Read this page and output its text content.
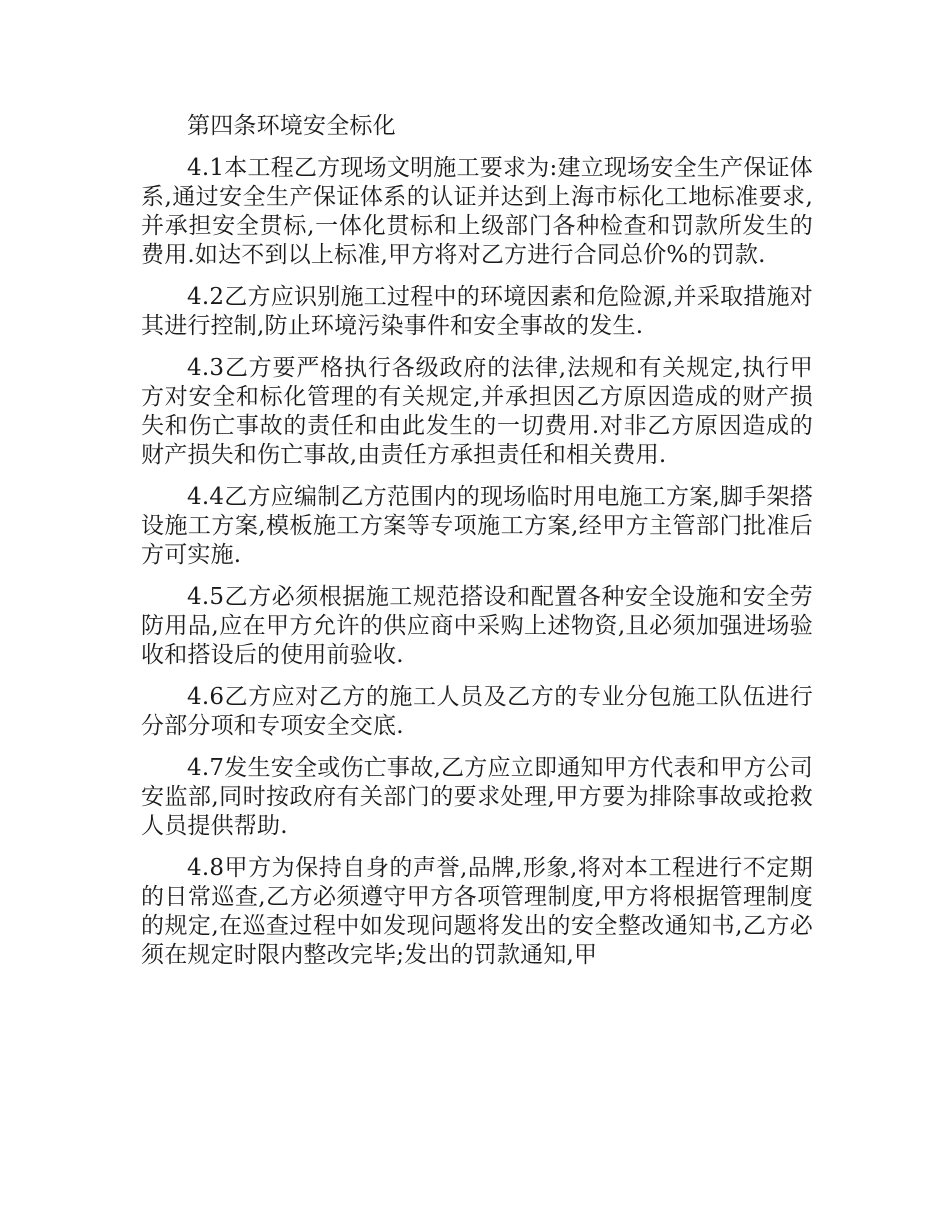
第四条环境安全标化

4.1本工程乙方现场文明施工要求为:建立现场安全生产保证体系,通过安全生产保证体系的认证并达到上海市标化工地标准要求,并承担安全贯标,一体化贯标和上级部门各种检查和罚款所发生的费用.如达不到以上标准,甲方将对乙方进行合同总价%的罚款.

4.2乙方应识别施工过程中的环境因素和危险源,并采取措施对其进行控制,防止环境污染事件和安全事故的发生.

4.3乙方要严格执行各级政府的法律,法规和有关规定,执行甲方对安全和标化管理的有关规定,并承担因乙方原因造成的财产损失和伤亡事故的责任和由此发生的一切费用.对非乙方原因造成的财产损失和伤亡事故,由责任方承担责任和相关费用.

4.4乙方应编制乙方范围内的现场临时用电施工方案,脚手架搭设施工方案,模板施工方案等专项施工方案,经甲方主管部门批准后方可实施.

4.5乙方必须根据施工规范搭设和配置各种安全设施和安全劳防用品,应在甲方允许的供应商中采购上述物资,且必须加强进场验收和搭设后的使用前验收.

4.6乙方应对乙方的施工人员及乙方的专业分包施工队伍进行分部分项和专项安全交底.

4.7发生安全或伤亡事故,乙方应立即通知甲方代表和甲方公司安监部,同时按政府有关部门的要求处理,甲方要为排除事故或抢救人员提供帮助.

4.8甲方为保持自身的声誉,品牌,形象,将对本工程进行不定期的日常巡查,乙方必须遵守甲方各项管理制度,甲方将根据管理制度的规定,在巡查过程中如发现问题将发出的安全整改通知书,乙方必须在规定时限内整改完毕;发出的罚款通知,甲
